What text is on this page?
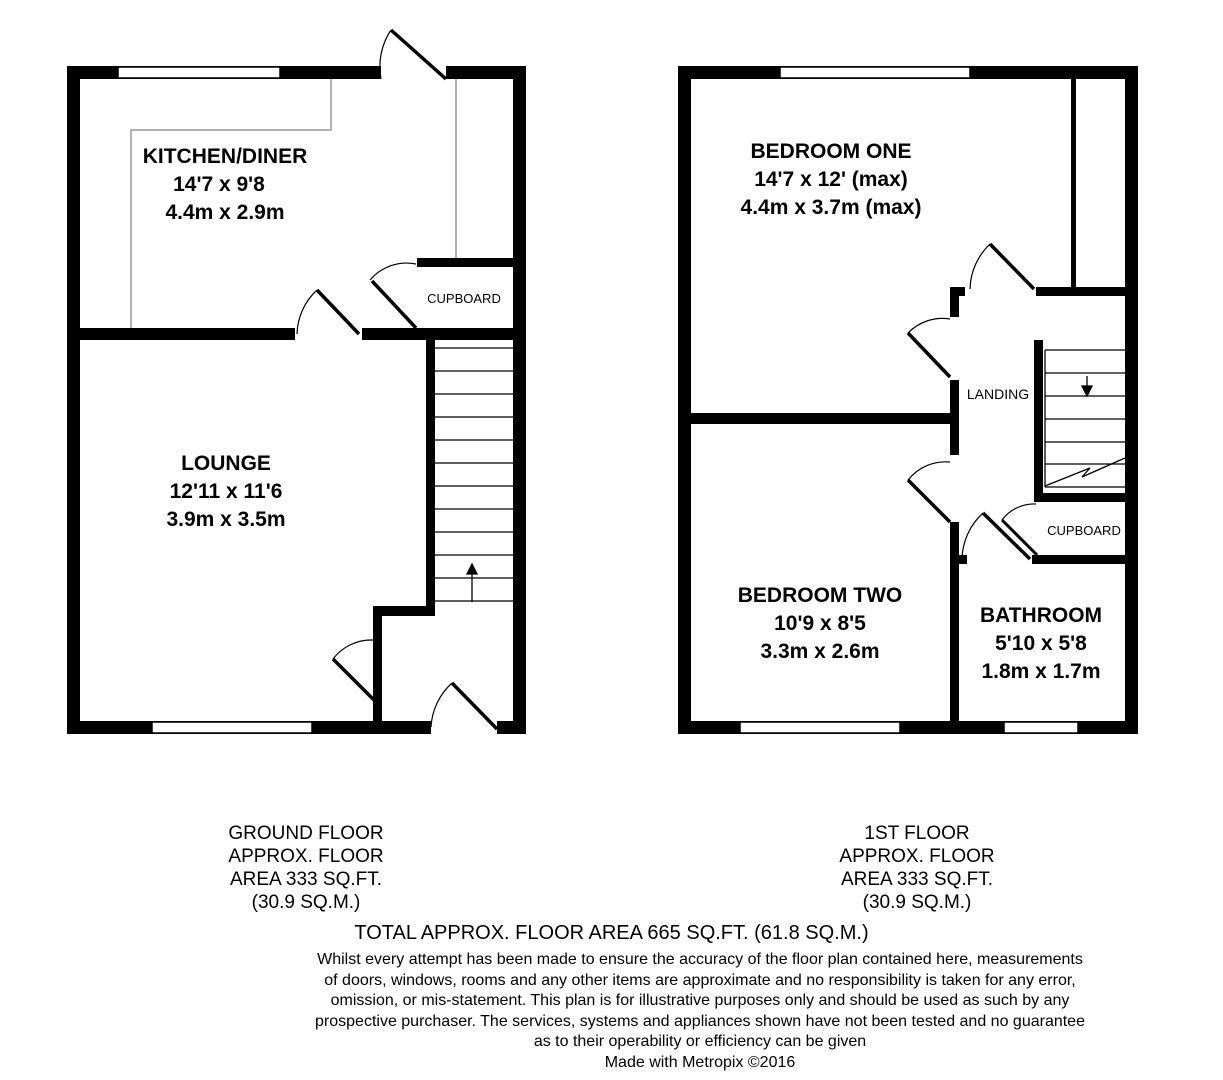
KITCHEN/DINER
14'7 x 9'8
4.4m x 2.9m
LOUNGE
12'11 x 11'6
3.9m x 3.5m
CUPBOARD
BEDROOM ONE
14'7 x 12' (max)
4.4m x 3.7m (max)
BEDROOM TWO
10'9 x 8'5
3.3m x 2.6m
BATHROOM
5'10 x 5'8
1.8m x 1.7m
LANDING
CUPBOARD
GROUND FLOOR
APPROX. FLOOR
AREA 333 SQ.FT.
(30.9 SQ.M.)
1ST FLOOR
APPROX. FLOOR
AREA 333 SQ.FT.
(30.9 SQ.M.)
TOTAL APPROX. FLOOR AREA 665 SQ.FT. (61.8 SQ.M.)
Whilst every attempt has been made to ensure the accuracy of the floor plan contained here, measurements
of doors, windows, rooms and any other items are approximate and no responsibility is taken for any error,
omission, or mis-statement. This plan is for illustrative purposes only and should be used as such by any
prospective purchaser. The services, systems and appliances shown have not been tested and no guarantee
as to their operability or efficiency can be given
Made with Metropix ©2016
